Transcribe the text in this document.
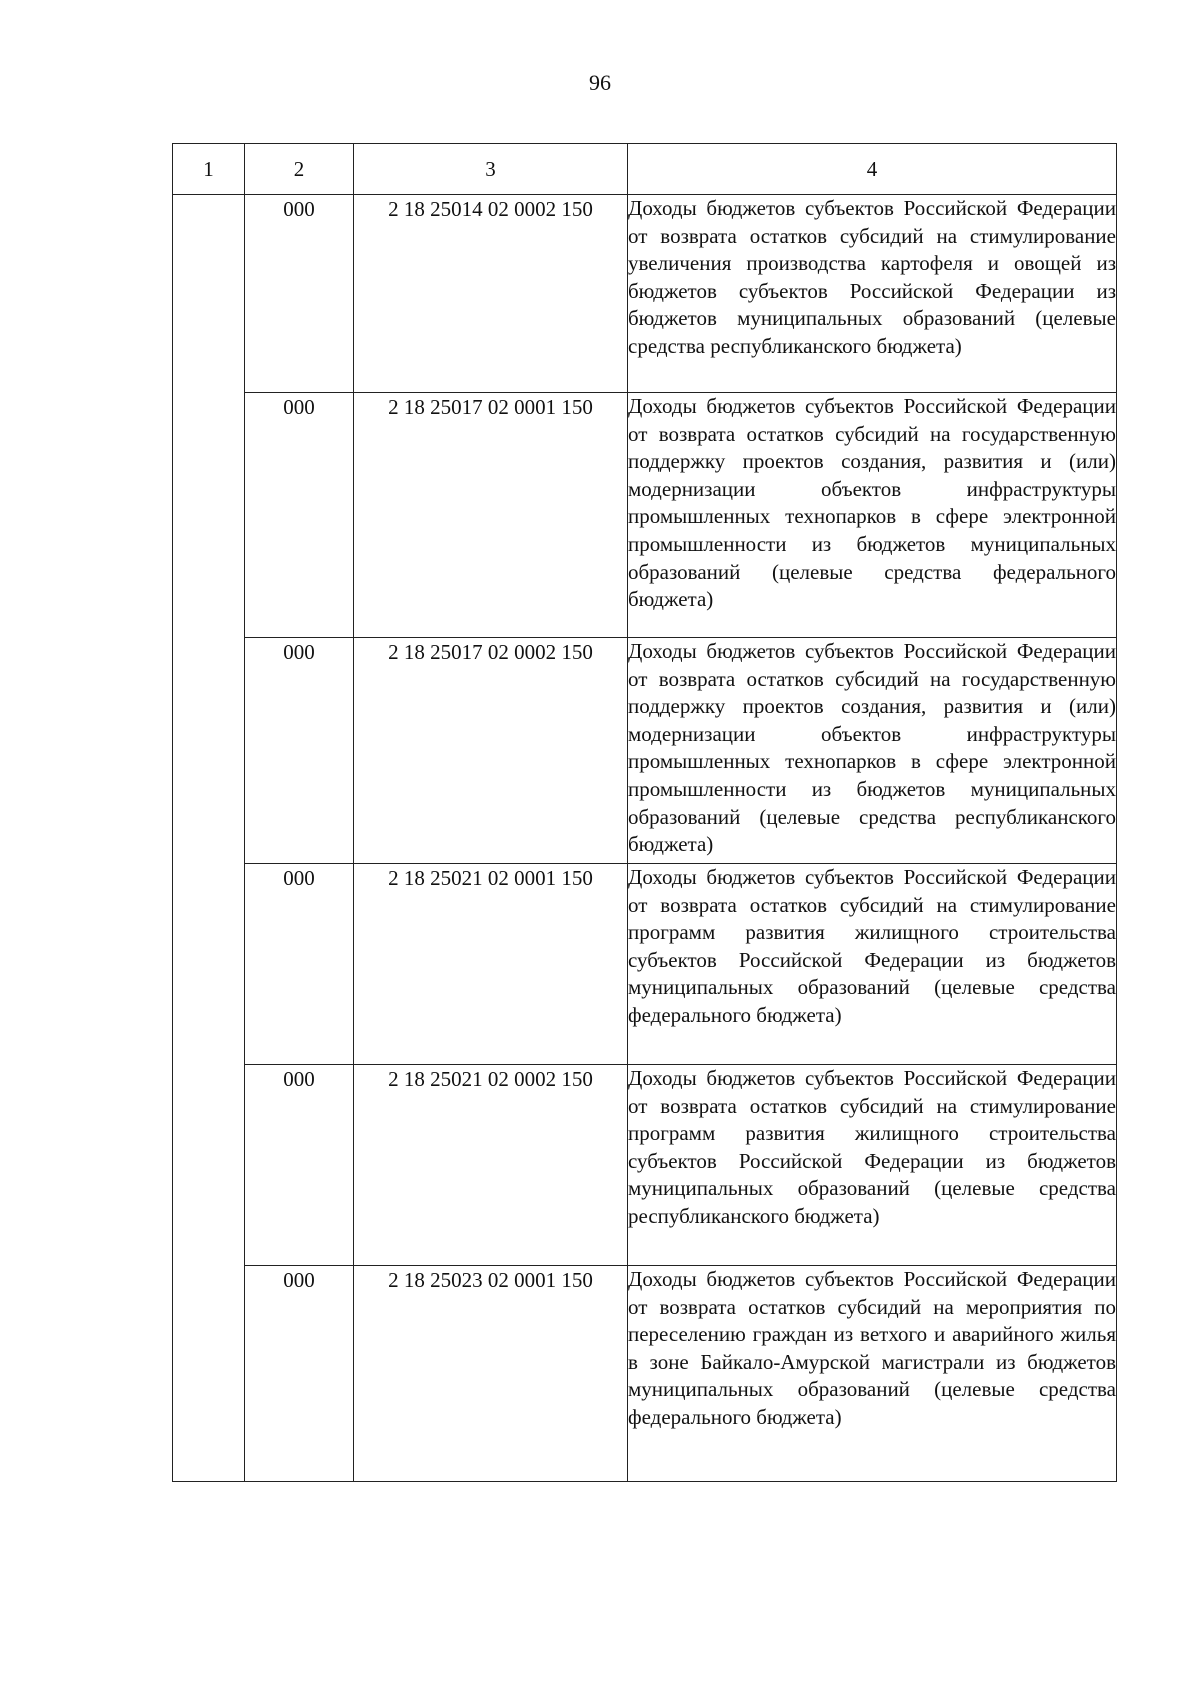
96
1	2	3	4
	000	2 18 25014 02 0002 150	Доходы бюджетов субъектов Российской Федерации от возврата остатков субсидий на стимулирование увеличения производства картофеля и овощей из бюджетов субъектов Российской Федерации из бюджетов муниципальных образований (целевые средства республиканского бюджета)
	000	2 18 25017 02 0001 150	Доходы бюджетов субъектов Российской Федерации от возврата остатков субсидий на государственную поддержку проектов создания, развития и (или) модернизации объектов инфраструктуры промышленных технопарков в сфере электронной промышленности из бюджетов муниципальных образований (целевые средства федерального бюджета)
	000	2 18 25017 02 0002 150	Доходы бюджетов субъектов Российской Федерации от возврата остатков субсидий на государственную поддержку проектов создания, развития и (или) модернизации объектов инфраструктуры промышленных технопарков в сфере электронной промышленности из бюджетов муниципальных образований (целевые средства республиканского бюджета)
	000	2 18 25021 02 0001 150	Доходы бюджетов субъектов Российской Федерации от возврата остатков субсидий на стимулирование программ развития жилищного строительства субъектов Российской Федерации из бюджетов муниципальных образований (целевые средства федерального бюджета)
	000	2 18 25021 02 0002 150	Доходы бюджетов субъектов Российской Федерации от возврата остатков субсидий на стимулирование программ развития жилищного строительства субъектов Российской Федерации из бюджетов муниципальных образований (целевые средства республиканского бюджета)
	000	2 18 25023 02 0001 150	Доходы бюджетов субъектов Российской Федерации от возврата остатков субсидий на мероприятия по переселению граждан из ветхого и аварийного жилья в зоне Байкало-Амурской магистрали из бюджетов муниципальных образований (целевые средства федерального бюджета)
